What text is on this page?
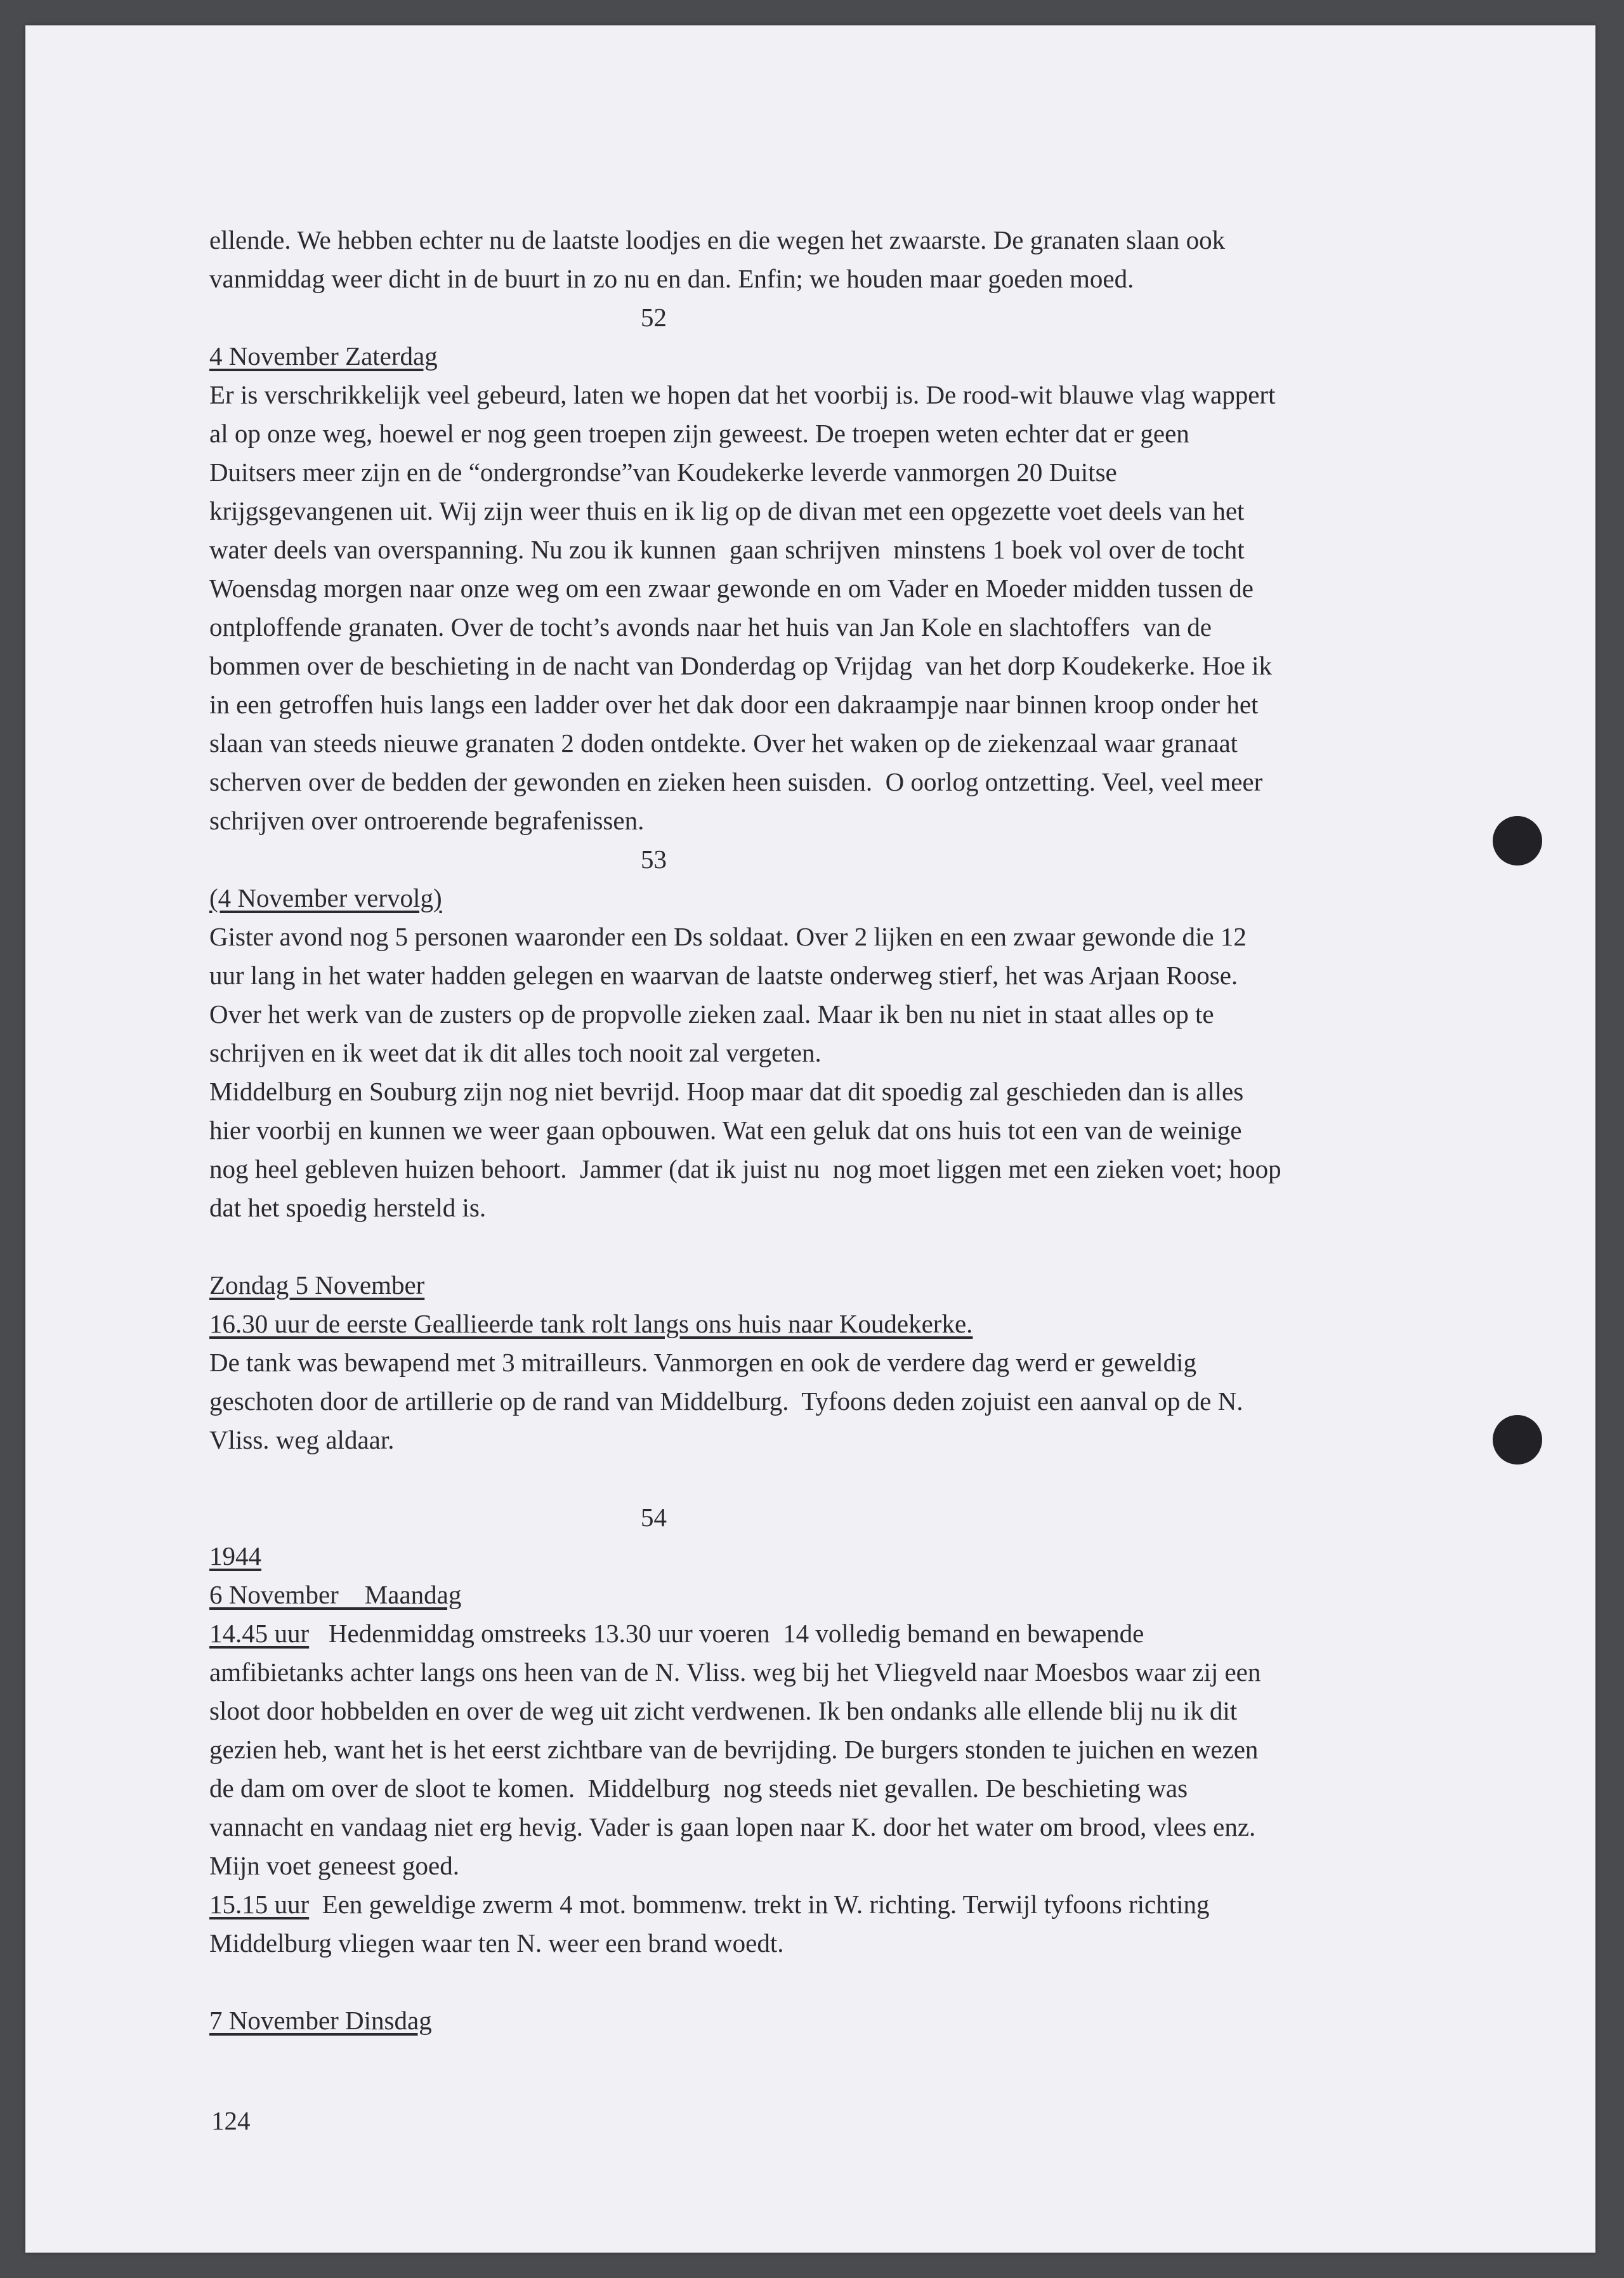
ellende. We hebben echter nu de laatste loodjes en die wegen het zwaarste. De granaten slaan ook

vanmiddag weer dicht in de buurt in zo nu en dan. Enfin; we houden maar goeden moed.

52

4 November Zaterdag

Er is verschrikkelijk veel gebeurd, laten we hopen dat het voorbij is. De rood-wit blauwe vlag wappert

al op onze weg, hoewel er nog geen troepen zijn geweest. De troepen weten echter dat er geen

Duitsers meer zijn en de “ondergrondse”van Koudekerke leverde vanmorgen 20 Duitse

krijgsgevangenen uit. Wij zijn weer thuis en ik lig op de divan met een opgezette voet deels van het

water deels van overspanning. Nu zou ik kunnen  gaan schrijven  minstens 1 boek vol over de tocht

Woensdag morgen naar onze weg om een zwaar gewonde en om Vader en Moeder midden tussen de

ontploffende granaten. Over de tocht’s avonds naar het huis van Jan Kole en slachtoffers  van de

bommen over de beschieting in de nacht van Donderdag op Vrijdag  van het dorp Koudekerke. Hoe ik

in een getroffen huis langs een ladder over het dak door een dakraampje naar binnen kroop onder het

slaan van steeds nieuwe granaten 2 doden ontdekte. Over het waken op de ziekenzaal waar granaat

scherven over de bedden der gewonden en zieken heen suisden.  O oorlog ontzetting. Veel, veel meer

schrijven over ontroerende begrafenissen.

53

(4 November vervolg)

Gister avond nog 5 personen waaronder een Ds soldaat. Over 2 lijken en een zwaar gewonde die 12

uur lang in het water hadden gelegen en waarvan de laatste onderweg stierf, het was Arjaan Roose.

Over het werk van de zusters op de propvolle zieken zaal. Maar ik ben nu niet in staat alles op te

schrijven en ik weet dat ik dit alles toch nooit zal vergeten.

Middelburg en Souburg zijn nog niet bevrijd. Hoop maar dat dit spoedig zal geschieden dan is alles

hier voorbij en kunnen we weer gaan opbouwen. Wat een geluk dat ons huis tot een van de weinige

nog heel gebleven huizen behoort.  Jammer (dat ik juist nu  nog moet liggen met een zieken voet; hoop

dat het spoedig hersteld is.

Zondag 5 November

16.30 uur de eerste Geallieerde tank rolt langs ons huis naar Koudekerke.

De tank was bewapend met 3 mitrailleurs. Vanmorgen en ook de verdere dag werd er geweldig

geschoten door de artillerie op de rand van Middelburg.  Tyfoons deden zojuist een aanval op de N.

Vliss. weg aldaar.

54

1944

6 November    Maandag

14.45 uur   Hedenmiddag omstreeks 13.30 uur voeren  14 volledig bemand en bewapende

amfibietanks achter langs ons heen van de N. Vliss. weg bij het Vliegveld naar Moesbos waar zij een

sloot door hobbelden en over de weg uit zicht verdwenen. Ik ben ondanks alle ellende blij nu ik dit

gezien heb, want het is het eerst zichtbare van de bevrijding. De burgers stonden te juichen en wezen

de dam om over de sloot te komen.  Middelburg  nog steeds niet gevallen. De beschieting was

vannacht en vandaag niet erg hevig. Vader is gaan lopen naar K. door het water om brood, vlees enz.

Mijn voet geneest goed.

15.15 uur  Een geweldige zwerm 4 mot. bommenw. trekt in W. richting. Terwijl tyfoons richting

Middelburg vliegen waar ten N. weer een brand woedt.

7 November Dinsdag

124
